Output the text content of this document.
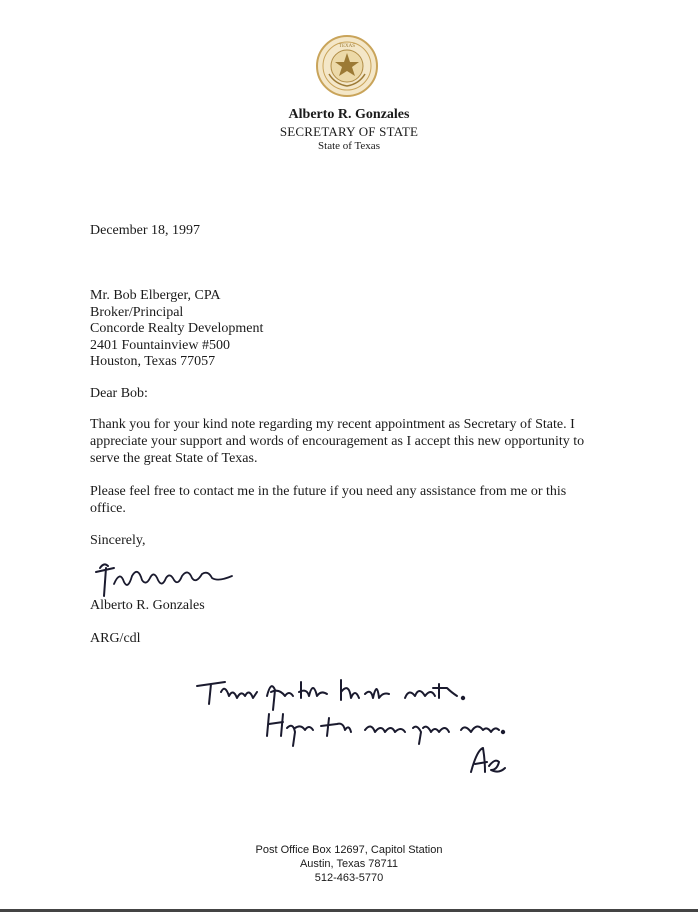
TEXAS
Alberto R. Gonzales
SECRETARY OF STATE
State of Texas
December 18, 1997
Mr. Bob Elberger, CPA
Broker/Principal
Concorde Realty Development
2401 Fountainview #500
Houston, Texas 77057
Dear Bob:
Thank you for your kind note regarding my recent appointment as Secretary of State. I appreciate your support and words of encouragement as I accept this new opportunity to serve the great State of Texas.
Please feel free to contact me in the future if you need any assistance from me or this office.
Sincerely,
Alberto R. Gonzales
ARG/cdl
Post Office Box 12697, Capitol Station
Austin, Texas 78711
512-463-5770
